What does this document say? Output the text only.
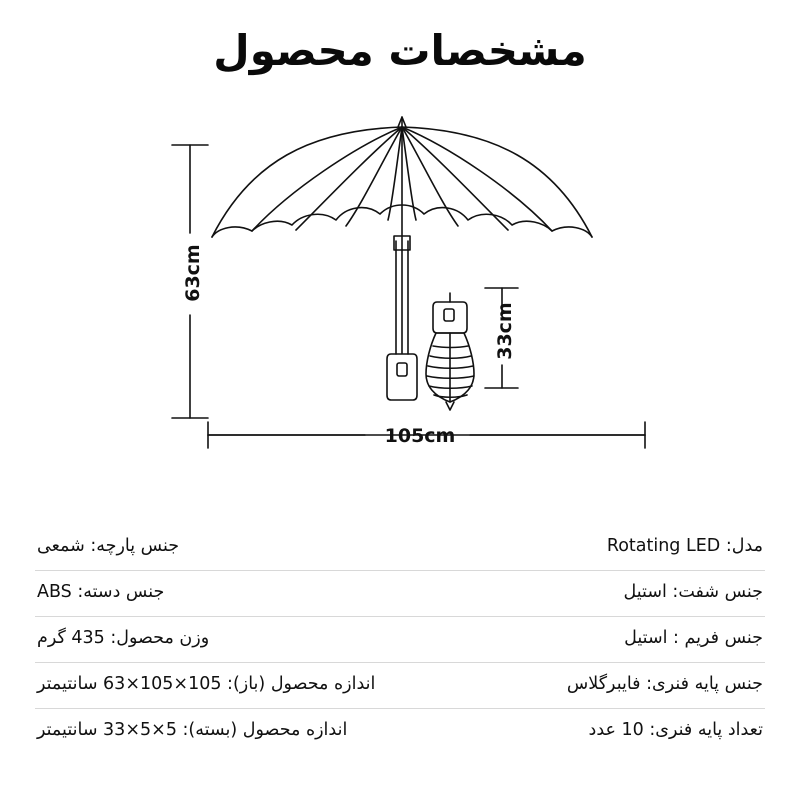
مشخصات محصول
63cm
33cm
105cm
مدل: Rotating LED	جنس پارچه: شمعی
جنس شفت: استیل	جنس دسته: ABS
جنس فریم : استیل	وزن محصول: 435 گرم
جنس پایه فنری: فایبرگلاس	اندازه محصول (باز): 105×105×63 سانتیمتر
تعداد پایه فنری: 10 عدد	اندازه محصول (بسته): 5×5×33 سانتیمتر
